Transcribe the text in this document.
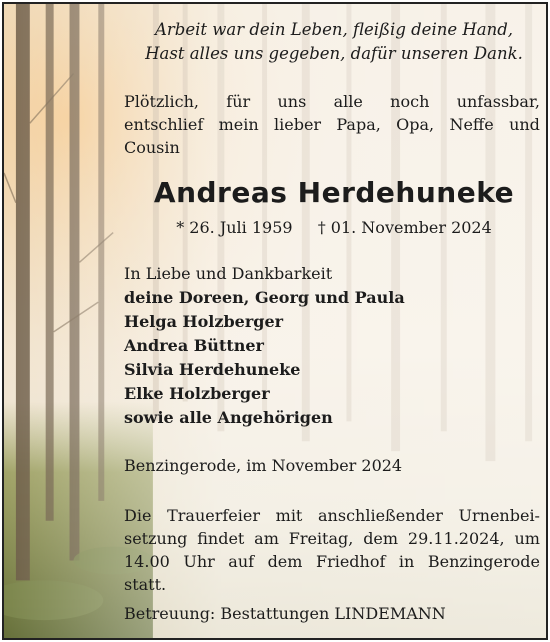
Arbeit war dein Leben, fleißig deine Hand,
Hast alles uns gegeben, dafür unseren Dank.
Plötzlich, für uns alle noch unfassbar,
entschlief mein lieber Papa, Opa, Neffe und
Cousin
Andreas Herdehuneke
* 26. Juli 1959 † 01. November 2024
In Liebe und Dankbarkeit
deine Doreen, Georg und Paula
Helga Holzberger
Andrea Büttner
Silvia Herdehuneke
Elke Holzberger
sowie alle Angehörigen
Benzingerode, im November 2024
Die Trauerfeier mit anschließender Urnenbei-
setzung findet am Freitag, dem 29.11.2024, um
14.00 Uhr auf dem Friedhof in Benzingerode
statt.
Betreuung: Bestattungen LINDEMANN
